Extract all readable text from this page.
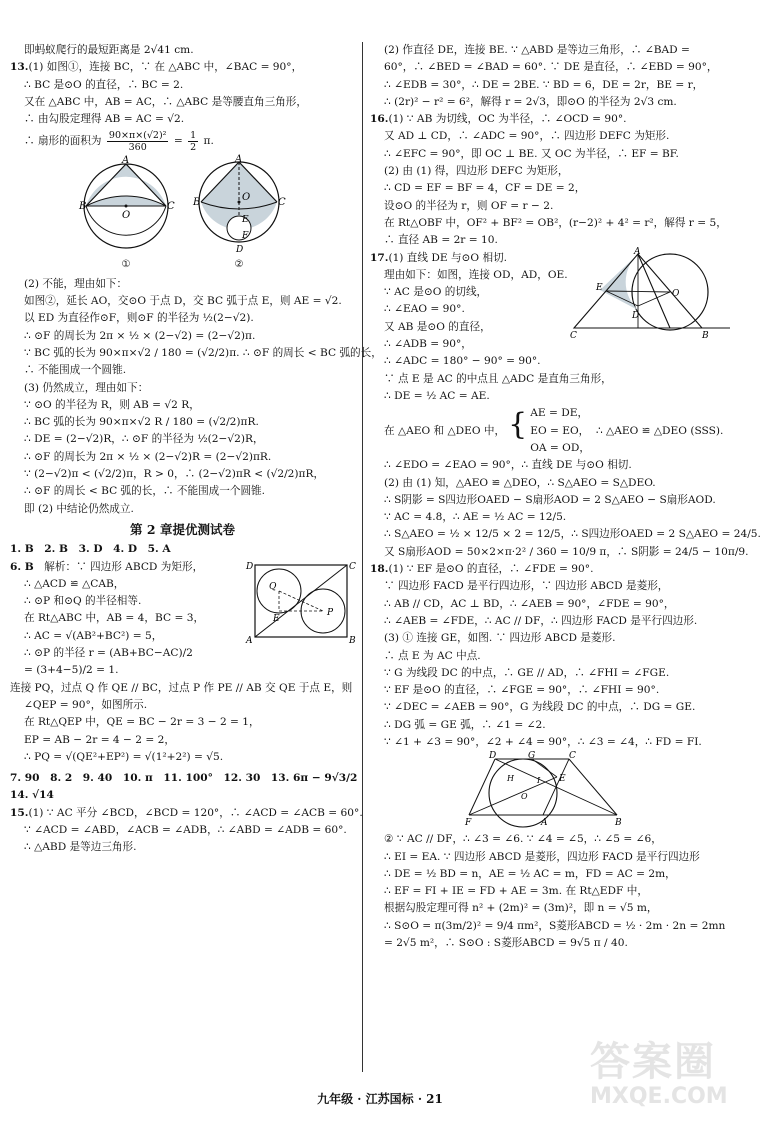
即蚂蚁爬行的最短距离是 2√41 cm.
13.(1) 如图①，连接 BC，∵ 在 △ABC 中，∠BAC = 90°，
∴ BC 是⊙O 的直径，∴ BC = 2.
又在 △ABC 中，AB = AC，∴ △ABC 是等腰直角三角形，
∴ 由勾股定理得 AB = AC = √2.
∴ 扇形的面积为 $\frac{\text{90×π×(√2)²}}{360} = \frac{1}{2} \pi$.
A
B	C
O
①
A
B	C
O
E
F
D
②
(2) 不能，理由如下：
如图②，延长 AO，交⊙O 于点 D，交 BC 弧于点 E，则 AE = √2.
以 ED 为直径作⊙F，则⊙F 的半径为 ½(2−√2).
∴ ⊙F 的周长为 2π × ½ × (2−√2) = (2−√2)π.
∵ BC 弧的长为 90×π×√2 / 180 = (√2/2)π. ∴ ⊙F 的周长 < BC 弧的长，
∴ 不能围成一个圆锥.
(3) 仍然成立，理由如下：
∵ ⊙O 的半径为 R，则 AB = √2 R，
∴ BC 弧的长为 90×π×√2 R / 180 = (√2/2)πR.
∴ DE = (2−√2)R，∴ ⊙F 的半径为 ½(2−√2)R，
∴ ⊙F 的周长为 2π × ½ × (2−√2)R = (2−√2)πR.
∵ (2−√2)π < (√2/2)π，R > 0，∴ (2−√2)πR < (√2/2)πR，
∴ ⊙F 的周长 < BC 弧的长，∴ 不能围成一个圆锥.
即 (2) 中结论仍然成立.
第 2 章提优测试卷
1. B　2. B　3. D　4. D　5. A
6. B　 解析：∵ 四边形 ABCD 为矩形，
∴ △ACD ≌ △CAB，
∴ ⊙P 和⊙Q 的半径相等.
在 Rt△ABC 中，AB = 4，BC = 3，
∴ AC = √(AB²+BC²) = 5，
∴ ⊙P 的半径 r = (AB+BC−AC)/2
= (3+4−5)/2 = 1.
D	C
A	B
Q
P
E
连接 PQ，过点 Q 作 QE // BC，过点 P 作 PE // AB 交 QE 于点 E，则
∠QEP = 90°，如图所示.
在 Rt△QEP 中，QE = BC − 2r = 3 − 2 = 1，
EP = AB − 2r = 4 − 2 = 2，
∴ PQ = √(QE²+EP²) = √(1²+2²) = √5.
7. 90　8. 2　9. 40　10. π　11. 100°　12. 30　13. 6π − 9√3/2
14. √14
15.(1) ∵ AC 平分 ∠BCD，∠BCD = 120°，∴ ∠ACD = ∠ACB = 60°.
∵ ∠ACD = ∠ABD，∠ACB = ∠ADB，∴ ∠ABD = ∠ADB = 60°.
∴ △ABD 是等边三角形.
(2) 作直径 DE，连接 BE. ∵ △ABD 是等边三角形，∴ ∠BAD =
60°，∴ ∠BED = ∠BAD = 60°. ∵ DE 是直径，∴ ∠EBD = 90°，
∴ ∠EDB = 30°，∴ DE = 2BE. ∵ BD = 6，DE = 2r，BE = r，
∴ (2r)² − r² = 6²，解得 r = 2√3，即⊙O 的半径为 2√3 cm.
16.(1) ∵ AB 为切线，OC 为半径，∴ ∠OCD = 90°.
又 AD ⊥ CD，∴ ∠ADC = 90°，∴ 四边形 DEFC 为矩形.
∴ ∠EFC = 90°，即 OC ⊥ BE. 又 OC 为半径，∴ EF = BF.
(2) 由 (1) 得，四边形 DEFC 为矩形，
∴ CD = EF = BF = 4，CF = DE = 2，
设⊙O 的半径为 r，则 OF = r − 2.
在 Rt△OBF 中，OF² + BF² = OB²，(r−2)² + 4² = r²，解得 r = 5，
∴ 直径 AB = 2r = 10.
17.(1) 直线 DE 与⊙O 相切.
理由如下：如图，连接 OD，AD，OE.
∵ AC 是⊙O 的切线，
∴ ∠EAO = 90°.
又 AB 是⊙O 的直径，
∴ ∠ADB = 90°，
∴ ∠ADC = 180° − 90° = 90°.
A
E
D
O
C	B
∵ 点 E 是 AC 的中点且 △ADC 是直角三角形，
∴ DE = ½ AC = AE.
在 △AEO 和 △DEO 中， { AE = DE，
EO = EO，
OA = OD，
∴ △AEO ≌ △DEO (SSS).
∴ ∠EDO = ∠EAO = 90°，∴ 直线 DE 与⊙O 相切.
(2) 由 (1) 知，△AEO ≌ △DEO，∴ S△AEO = S△DEO.
∴ S阴影 = S四边形OAED − S扇形AOD = 2 S△AEO − S扇形AOD.
∵ AC = 4.8，∴ AE = ½ AC = 12/5.
∴ S△AEO = ½ × 12/5 × 2 = 12/5，∴ S四边形OAED = 2 S△AEO = 24/5.
又 S扇形AOD = 50×2×π·2² / 360 = 10/9 π，∴ S阴影 = 24/5 − 10π/9.
18.(1) ∵ EF 是⊙O 的直径，∴ ∠FDE = 90°.
∵ 四边形 FACD 是平行四边形，∵ 四边形 ABCD 是菱形，
∴ AB // CD，AC ⊥ BD，∴ ∠AEB = 90°，∠FDE = 90°，
∴ ∠AEB = ∠FDE，∴ AC // DF，∴ 四边形 FACD 是平行四边形.
(3) ① 连接 GE，如图. ∵ 四边形 ABCD 是菱形.
∴ 点 E 为 AC 中点.
∵ G 为线段 DC 的中点，∴ GE // AD，∴ ∠FHI = ∠FGE.
∵ EF 是⊙O 的直径，∴ ∠FGE = 90°，∴ ∠FHI = 90°.
∵ ∠DEC = ∠AEB = 90°，G 为线段 DC 的中点，∴ DG = GE.
∴ DG 弧 = GE 弧，∴ ∠1 = ∠2.
∵ ∠1 + ∠3 = 90°，∠2 + ∠4 = 90°，∴ ∠3 = ∠4，∴ FD = FI.
D	G	C
F	A	B
E
O
H	I
② ∵ AC // DF，∴ ∠3 = ∠6. ∵ ∠4 = ∠5，∴ ∠5 = ∠6，
∴ EI = EA. ∵ 四边形 ABCD 是菱形，四边形 FACD 是平行四边形
∴ DE = ½ BD = n，AE = ½ AC = m，FD = AC = 2m，
∴ EF = FI + IE = FD + AE = 3m. 在 Rt△EDF 中，
根据勾股定理可得 n² + (2m)² = (3m)²，即 n = √5 m，
∴ S⊙O = π(3m/2)² = 9/4 πm²，S菱形ABCD = ½ · 2m · 2n = 2mn
= 2√5 m²，∴ S⊙O : S菱形ABCD = 9√5 π / 40.
九年级 · 江苏国标 · 21
答案圈
MXQE.COM
